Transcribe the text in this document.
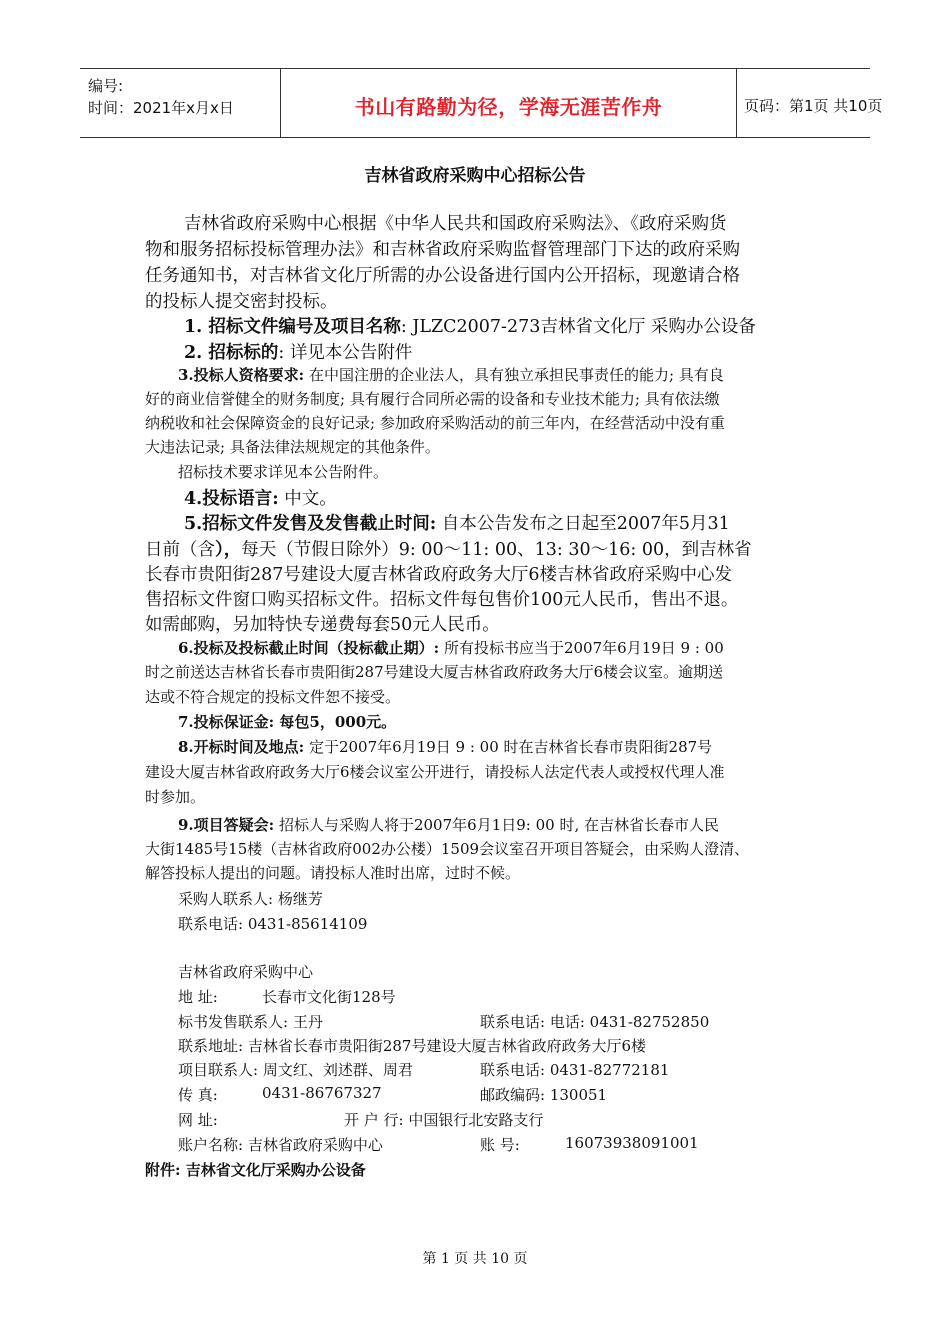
编号:
时间：2021年x月x日	书山有路勤为径，学海无涯苦作舟	页码：第1页 共10页
吉林省政府采购中心招标公告
吉林省政府采购中心根据《中华人民共和国政府采购法》、《政府采购货
物和服务招标投标管理办法》和吉林省政府采购监督管理部门下达的政府采购
任务通知书，对吉林省文化厅所需的办公设备进行国内公开招标，现邀请合格
的投标人提交密封投标。
1. 招标文件编号及项目名称: JLZC2007-273吉林省文化厅 采购办公设备
2. 招标标的: 详见本公告附件
3.投标人资格要求: 在中国注册的企业法人，具有独立承担民事责任的能力; 具有良
好的商业信誉健全的财务制度; 具有履行合同所必需的设备和专业技术能力; 具有依法缴
纳税收和社会保障资金的良好记录; 参加政府采购活动的前三年内，在经营活动中没有重
大违法记录; 具备法律法规规定的其他条件。
招标技术要求详见本公告附件。
4.投标语言: 中文。
5.招标文件发售及发售截止时间: 自本公告发布之日起至2007年5月31
日前（含），每天（节假日除外）9: 00～11: 00、13: 30～16: 00，到吉林省
长春市贵阳街287号建设大厦吉林省政府政务大厅6楼吉林省政府采购中心发
售招标文件窗口购买招标文件。招标文件每包售价100元人民币，售出不退。
如需邮购，另加特快专递费每套50元人民币。
6.投标及投标截止时间（投标截止期）: 所有投标书应当于2007年6月19日 9 : 00
时之前送达吉林省长春市贵阳街287号建设大厦吉林省政府政务大厅6楼会议室。逾期送
达或不符合规定的投标文件恕不接受。
7.投标保证金: 每包5，000元。
8.开标时间及地点: 定于2007年6月19日 9 : 00 时在吉林省长春市贵阳街287号
建设大厦吉林省政府政务大厅6楼会议室公开进行，请投标人法定代表人或授权代理人准
时参加。
9.项目答疑会: 招标人与采购人将于2007年6月1日9: 00 时, 在吉林省长春市人民
大街1485号15楼（吉林省政府002办公楼）1509会议室召开项目答疑会，由采购人澄清、
解答投标人提出的问题。请投标人准时出席，过时不候。
采购人联系人: 杨继芳
联系电话: 0431-85614109
吉林省政府采购中心
地 址:	长春市文化街128号
标书发售联系人: 王丹	联系电话: 电话: 0431-82752850
联系地址: 吉林省长春市贵阳街287号建设大厦吉林省政府政务大厅6楼
项目联系人: 周文红、刘述群、周君	联系电话: 0431-82772181
传 真:	0431-86767327	邮政编码: 130051
网 址:	开 户 行: 中国银行北安路支行
账户名称: 吉林省政府采购中心	账 号:	16073938091001
附件: 吉林省文化厅采购办公设备
第 1 页 共 10 页
